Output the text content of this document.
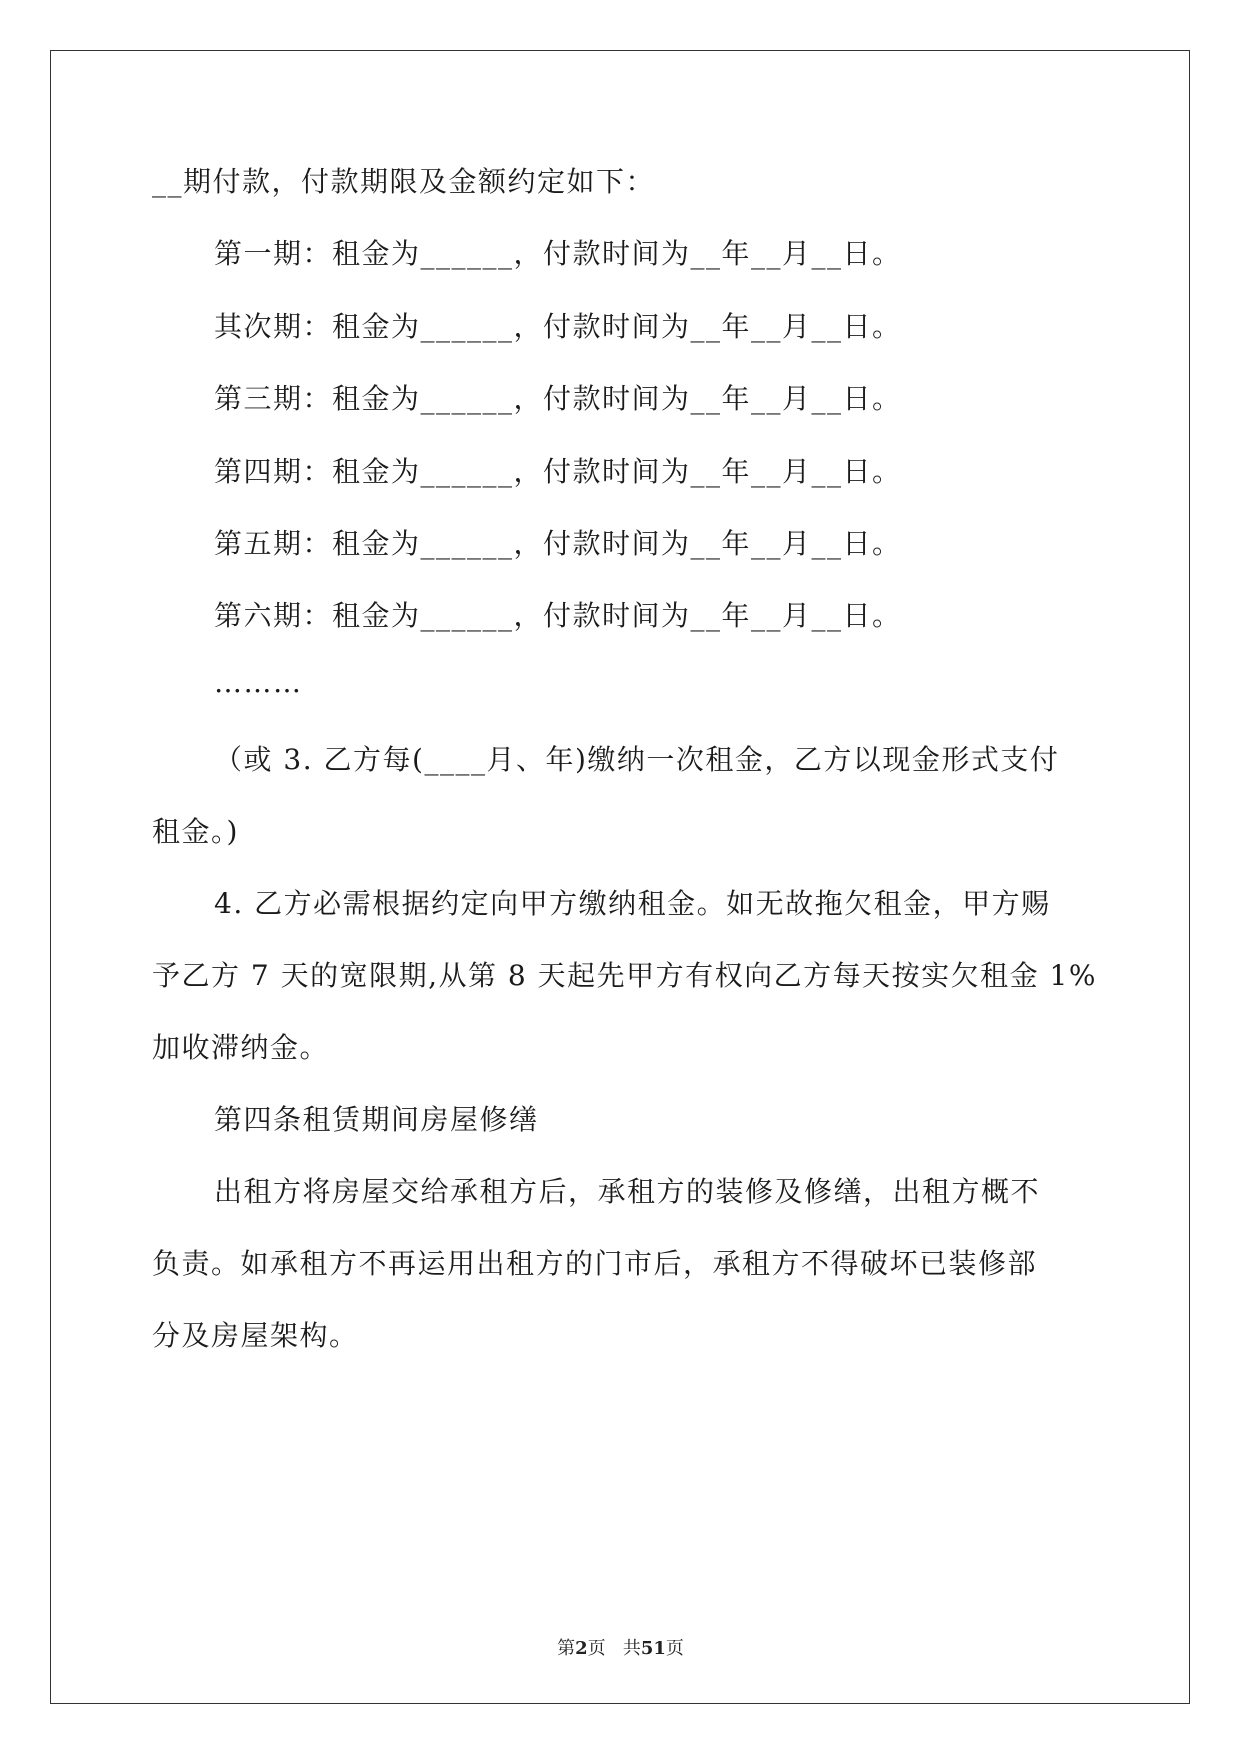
__期付款，付款期限及金额约定如下：
第一期：租金为______，付款时间为__年__月__日。
其次期：租金为______，付款时间为__年__月__日。
第三期：租金为______，付款时间为__年__月__日。
第四期：租金为______，付款时间为__年__月__日。
第五期：租金为______，付款时间为__年__月__日。
第六期：租金为______，付款时间为__年__月__日。
………
（或 3. 乙方每(____月、年)缴纳一次租金，乙方以现金形式支付
租金。)
4. 乙方必需根据约定向甲方缴纳租金。如无故拖欠租金，甲方赐
予乙方 7 天的宽限期,从第 8 天起先甲方有权向乙方每天按实欠租金 1%
加收滞纳金。
第四条租赁期间房屋修缮
出租方将房屋交给承租方后，承租方的装修及修缮，出租方概不
负责。如承租方不再运用出租方的门市后，承租方不得破坏已装修部
分及房屋架构。
第2页 共51页
